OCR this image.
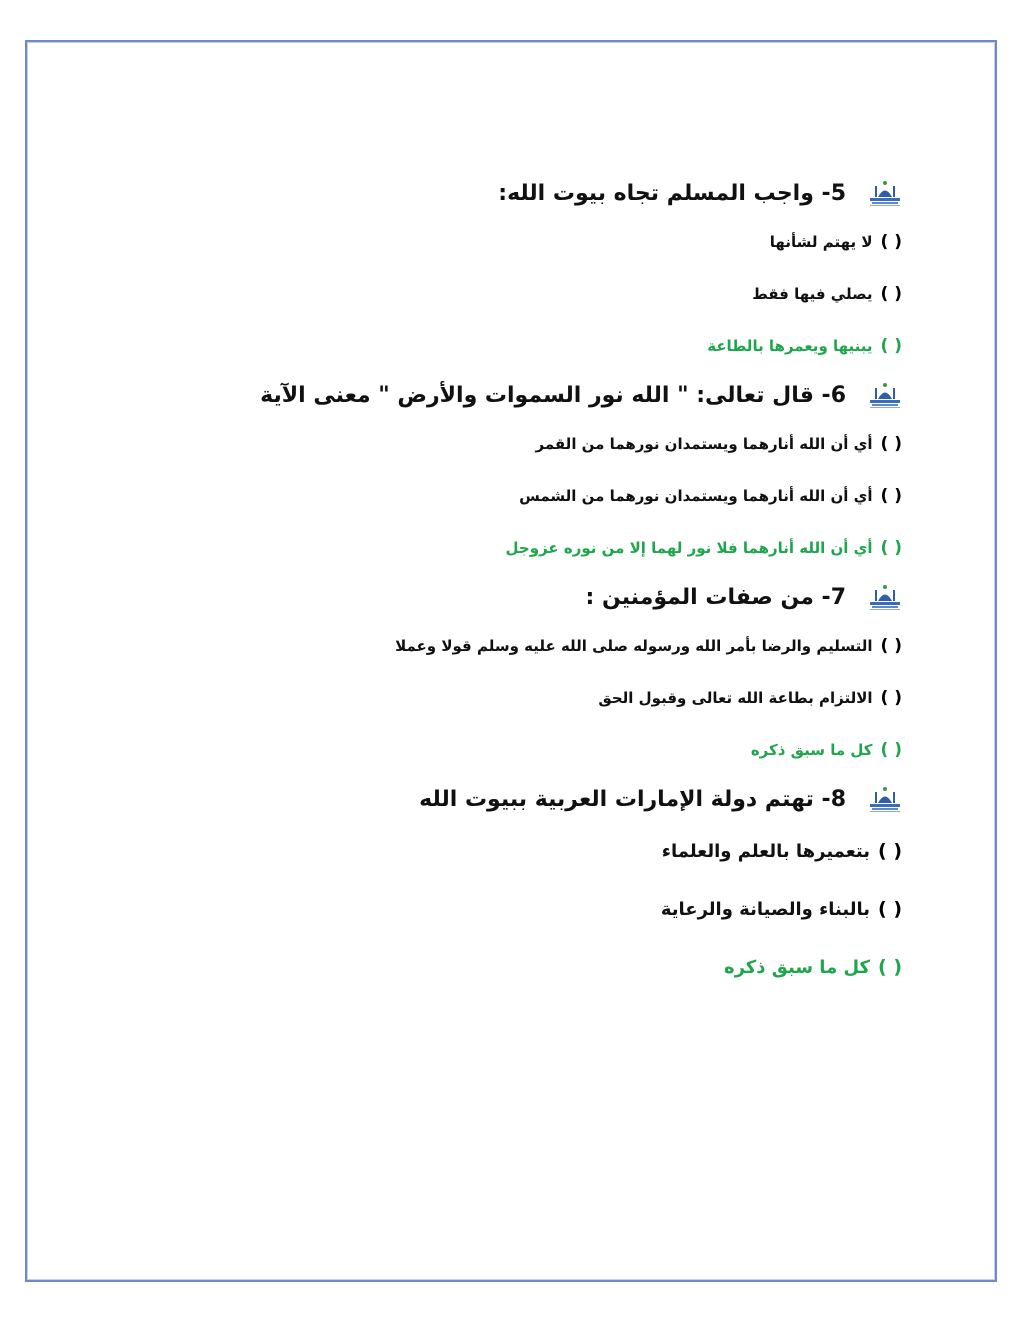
5- واجب المسلم تجاه بيوت الله:
( )
لا يهتم لشأنها
( )
يصلي فيها فقط
( )
يبنيها ويعمرها بالطاعة
6- قال تعالى: " الله نور السموات والأرض " معنى الآية
( )
أي أن الله أنارهما ويستمدان نورهما من القمر
( )
أي أن الله أنارهما ويستمدان نورهما من الشمس
( )
أي أن الله أنارهما فلا نور لهما إلا من نوره عزوجل
7- من صفات المؤمنين :
( )
التسليم والرضا بأمر الله ورسوله صلى الله عليه وسلم قولا وعملا
( )
الالتزام بطاعة الله تعالى وقبول الحق
( )
كل ما سبق ذكره
8- تهتم دولة الإمارات العربية ببيوت الله
( )
بتعميرها بالعلم والعلماء
( )
بالبناء والصيانة والرعاية
( )
كل ما سبق ذكره
